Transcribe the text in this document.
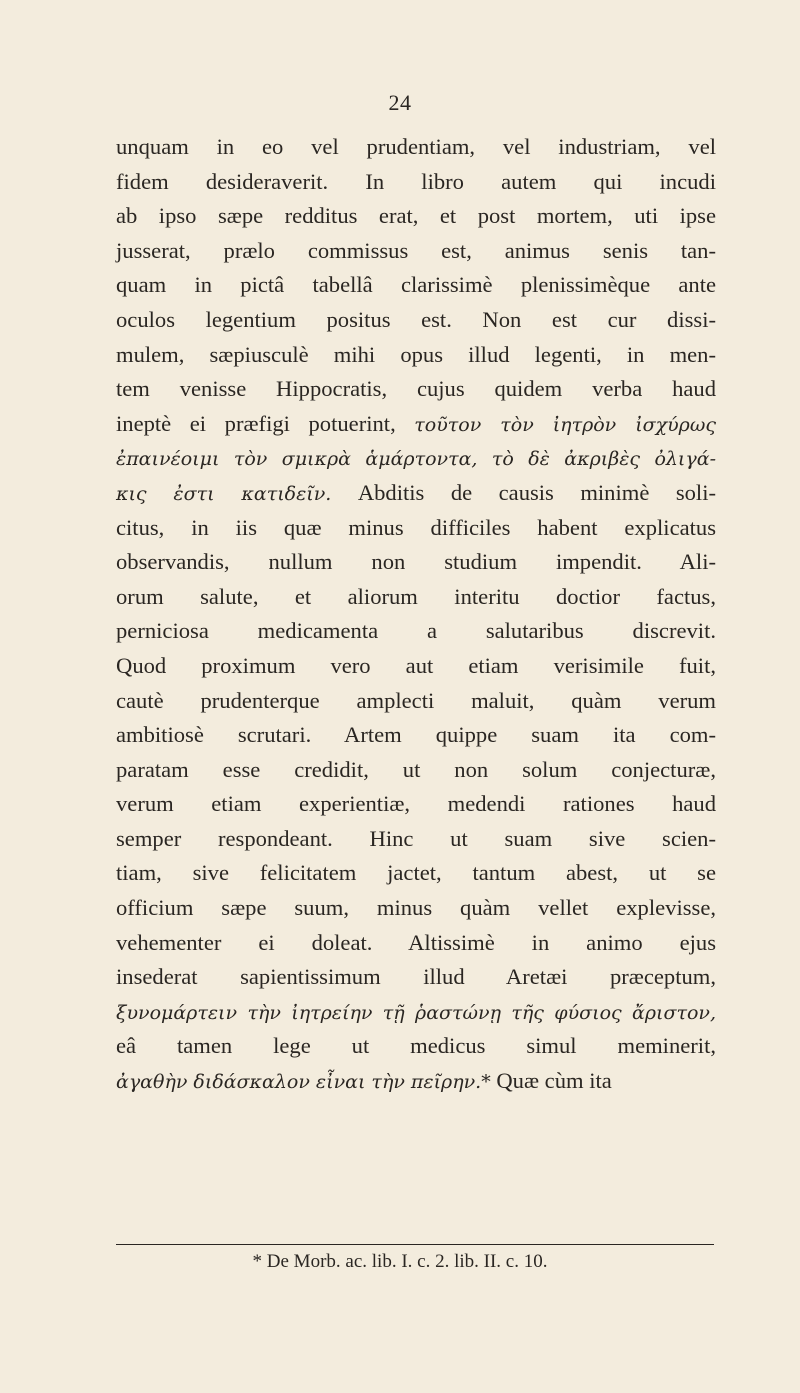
24
unquam in eo vel prudentiam, vel industriam, vel
fidem desideraverit. In libro autem qui incudi
ab ipso sæpe redditus erat, et post mortem, uti ipse
jusserat, prælo commissus est, animus senis tan-
quam in pictâ tabellâ clarissimè plenissimèque ante
oculos legentium positus est. Non est cur dissi-
mulem, sæpiusculè mihi opus illud legenti, in men-
tem venisse Hippocratis, cujus quidem verba haud
ineptè ei præfigi potuerint, τοῦτον τὸν ἰητρὸν ἰσχύρως
ἐπαινέοιμι τὸν σμικρὰ ἁμάρτοντα, τὸ δὲ ἀκριβὲς ὀλιγά-
κις ἐστι κατιδεῖν. Abditis de causis minimè soli-
citus, in iis quæ minus difficiles habent explicatus
observandis, nullum non studium impendit. Ali-
orum salute, et aliorum interitu doctior factus,
perniciosa medicamenta a salutaribus discrevit.
Quod proximum vero aut etiam verisimile fuit,
cautè prudenterque amplecti maluit, quàm verum
ambitiosè scrutari. Artem quippe suam ita com-
paratam esse credidit, ut non solum conjecturæ,
verum etiam experientiæ, medendi rationes haud
semper respondeant. Hinc ut suam sive scien-
tiam, sive felicitatem jactet, tantum abest, ut se
officium sæpe suum, minus quàm vellet explevisse,
vehementer ei doleat. Altissimè in animo ejus
insederat sapientissimum illud Aretæi præceptum,
ξυνομάρτειν τὴν ἰητρείην τῇ ῥαστώνῃ τῆς φύσιος ἄριστον,
eâ tamen lege ut medicus simul meminerit,
ἀγαθὴν διδάσκαλον εἶναι τὴν πεῖρην.* Quæ cùm ita
* De Morb. ac. lib. I. c. 2. lib. II. c. 10.
